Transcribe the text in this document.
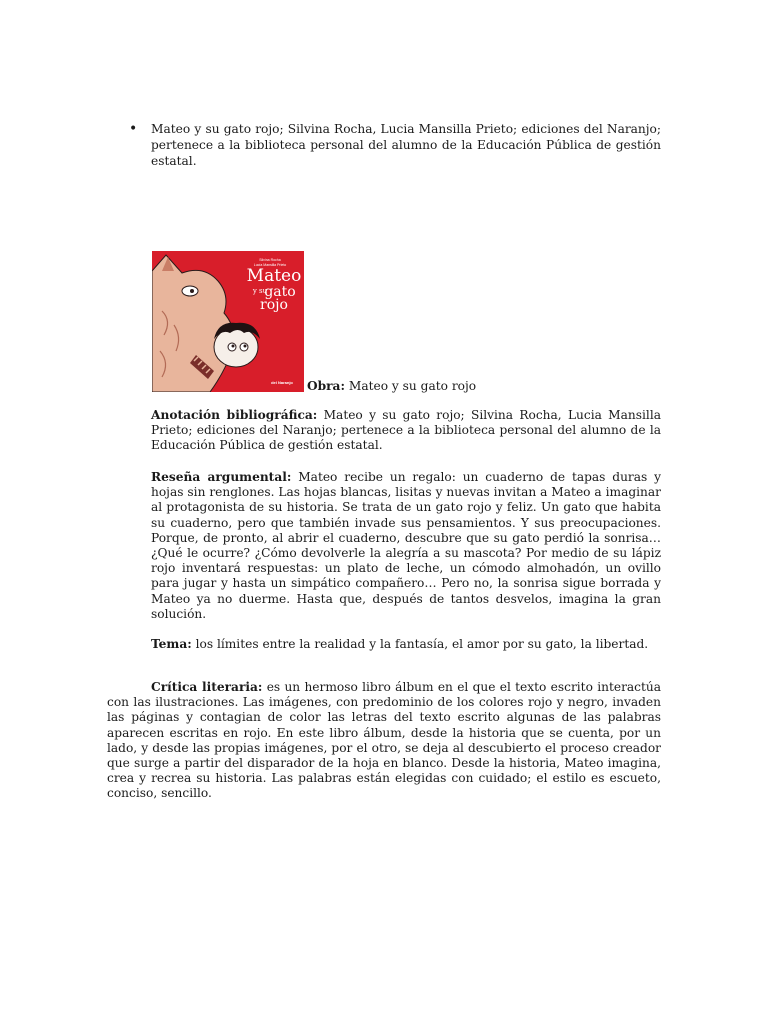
• Mateo y su gato rojo; Silvina Rocha, Lucia Mansilla Prieto; ediciones del Naranjo; pertenece a la biblioteca personal del alumno de la Educación Pública de gestión estatal.
Silvina Rocha
Lucía Mansilla Prieto
Mateo
y su
gato
rojo
del Naranjo Obra: Mateo y su gato rojo
Anotación bibliográfica: Mateo y su gato rojo; Silvina Rocha, Lucia Mansilla Prieto; ediciones del Naranjo; pertenece a la biblioteca personal del alumno de la Educación Pública de gestión estatal.
Reseña argumental: Mateo recibe un regalo: un cuaderno de tapas duras y hojas sin renglones. Las hojas blancas, lisitas y nuevas invitan a Mateo a imaginar al protagonista de su historia. Se trata de un gato rojo y feliz. Un gato que habita su cuaderno, pero que también invade sus pensamientos. Y sus preocupaciones. Porque, de pronto, al abrir el cuaderno, descubre que su gato perdió la sonrisa… ¿Qué le ocurre? ¿Cómo devolverle la alegría a su mascota? Por medio de su lápiz rojo inventará respuestas: un plato de leche, un cómodo almohadón, un ovillo para jugar y hasta un simpático compañero… Pero no, la sonrisa sigue borrada y Mateo ya no duerme. Hasta que, después de tantos desvelos, imagina la gran solución.
Tema: los límites entre la realidad y la fantasía, el amor por su gato, la libertad.
Crítica literaria: es un hermoso libro álbum en el que el texto escrito interactúa con las ilustraciones. Las imágenes, con predominio de los colores rojo y negro, invaden las páginas y contagian de color las letras del texto escrito algunas de las palabras aparecen escritas en rojo. En este libro álbum, desde la historia que se cuenta, por un lado, y desde las propias imágenes, por el otro, se deja al descubierto el proceso creador que surge a partir del disparador de la hoja en blanco. Desde la historia, Mateo imagina, crea y recrea su historia. Las palabras están elegidas con cuidado; el estilo es escueto, conciso, sencillo.
